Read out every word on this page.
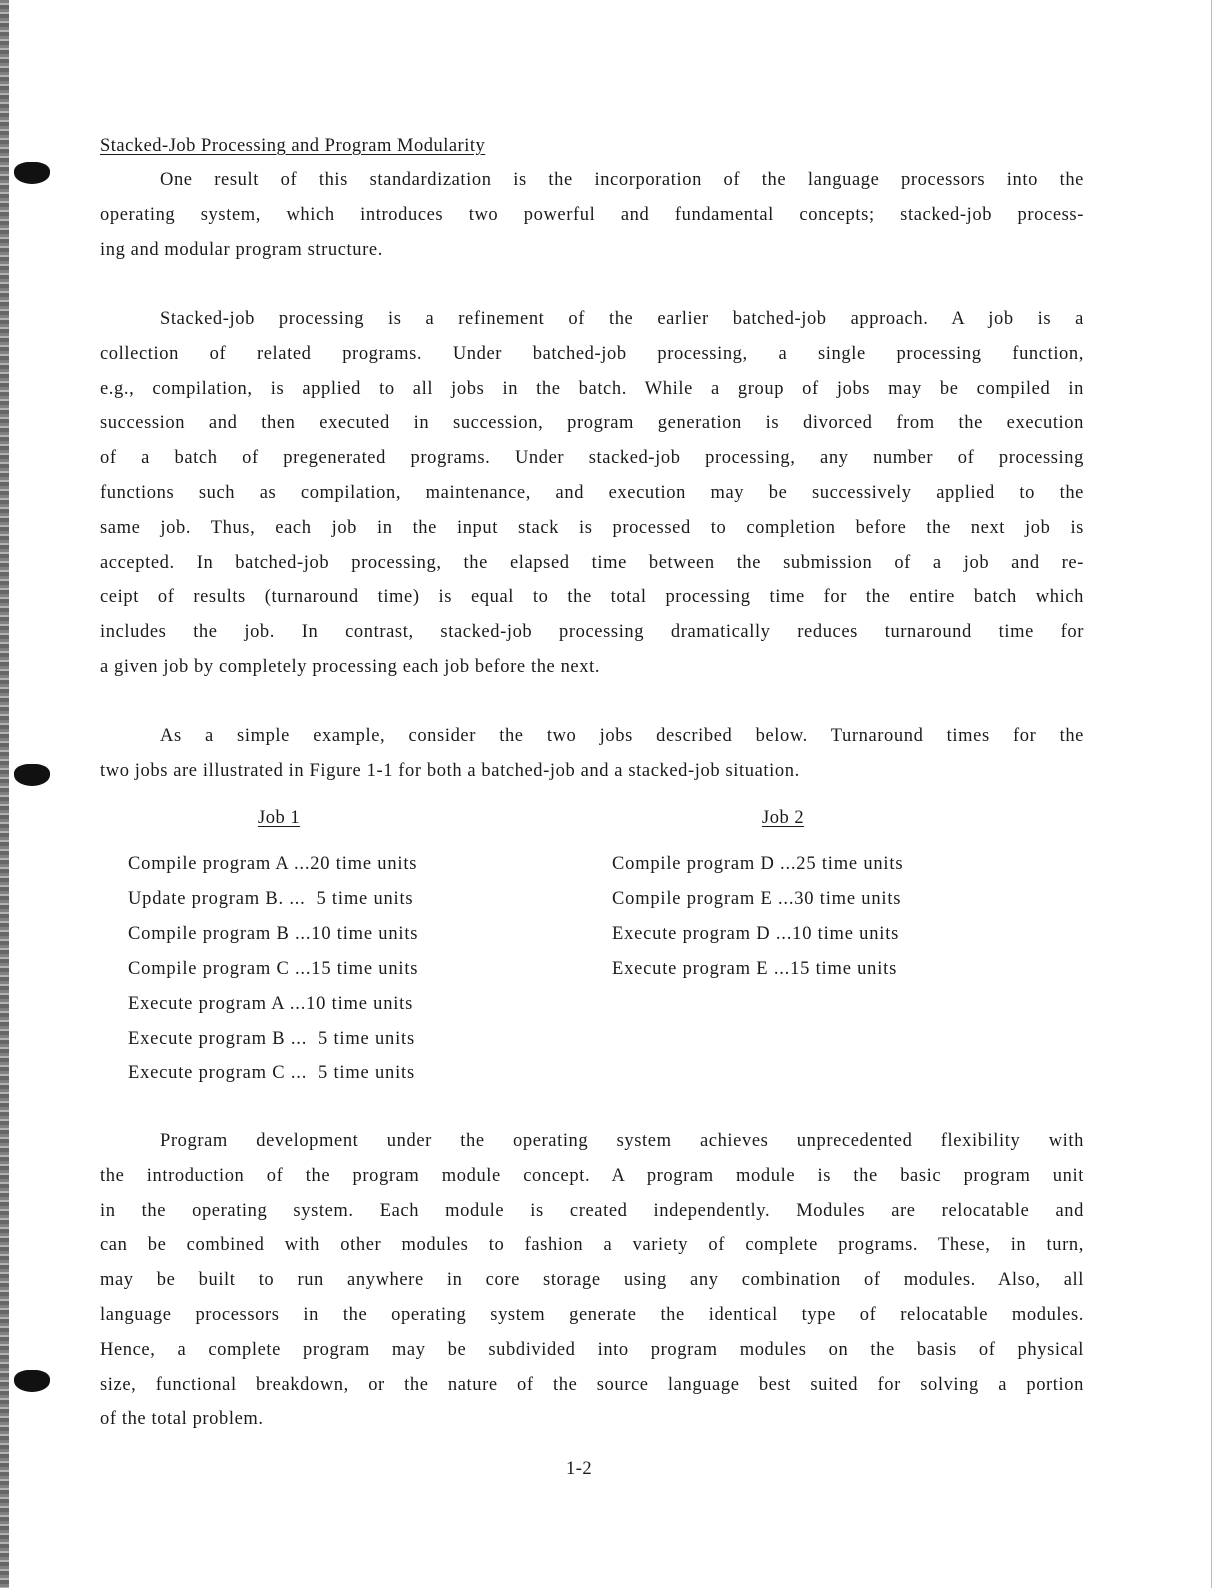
Stacked-Job Processing and Program Modularity
One result of this standardization is the incorporation of the language processors into the
operating system, which introduces two powerful and fundamental concepts; stacked-job process-
ing and modular program structure.
Stacked-job processing is a refinement of the earlier batched-job approach. A job is a
collection of related programs. Under batched-job processing, a single processing function,
e.g., compilation, is applied to all jobs in the batch. While a group of jobs may be compiled in
succession and then executed in succession, program generation is divorced from the execution
of a batch of pregenerated programs. Under stacked-job processing, any number of processing
functions such as compilation, maintenance, and execution may be successively applied to the
same job. Thus, each job in the input stack is processed to completion before the next job is
accepted. In batched-job processing, the elapsed time between the submission of a job and re-
ceipt of results (turnaround time) is equal to the total processing time for the entire batch which
includes the job. In contrast, stacked-job processing dramatically reduces turnaround time for
a given job by completely processing each job before the next.
As a simple example, consider the two jobs described below. Turnaround times for the
two jobs are illustrated in Figure 1-1 for both a batched-job and a stacked-job situation.
Program development under the operating system achieves unprecedented flexibility with
the introduction of the program module concept. A program module is the basic program unit
in the operating system. Each module is created independently. Modules are relocatable and
can be combined with other modules to fashion a variety of complete programs. These, in turn,
may be built to run anywhere in core storage using any combination of modules. Also, all
language processors in the operating system generate the identical type of relocatable modules.
Hence, a complete program may be subdivided into program modules on the basis of physical
size, functional breakdown, or the nature of the source language best suited for solving a portion
of the total problem.
Job 1
Compile program A ...20 time units
Update program B. ...  5 time units
Compile program B ...10 time units
Compile program C ...15 time units
Execute program A ...10 time units
Execute program B ...  5 time units
Execute program C ...  5 time units
Job 2
Compile program D ...25 time units
Compile program E ...30 time units
Execute program D ...10 time units
Execute program E ...15 time units
1-2
